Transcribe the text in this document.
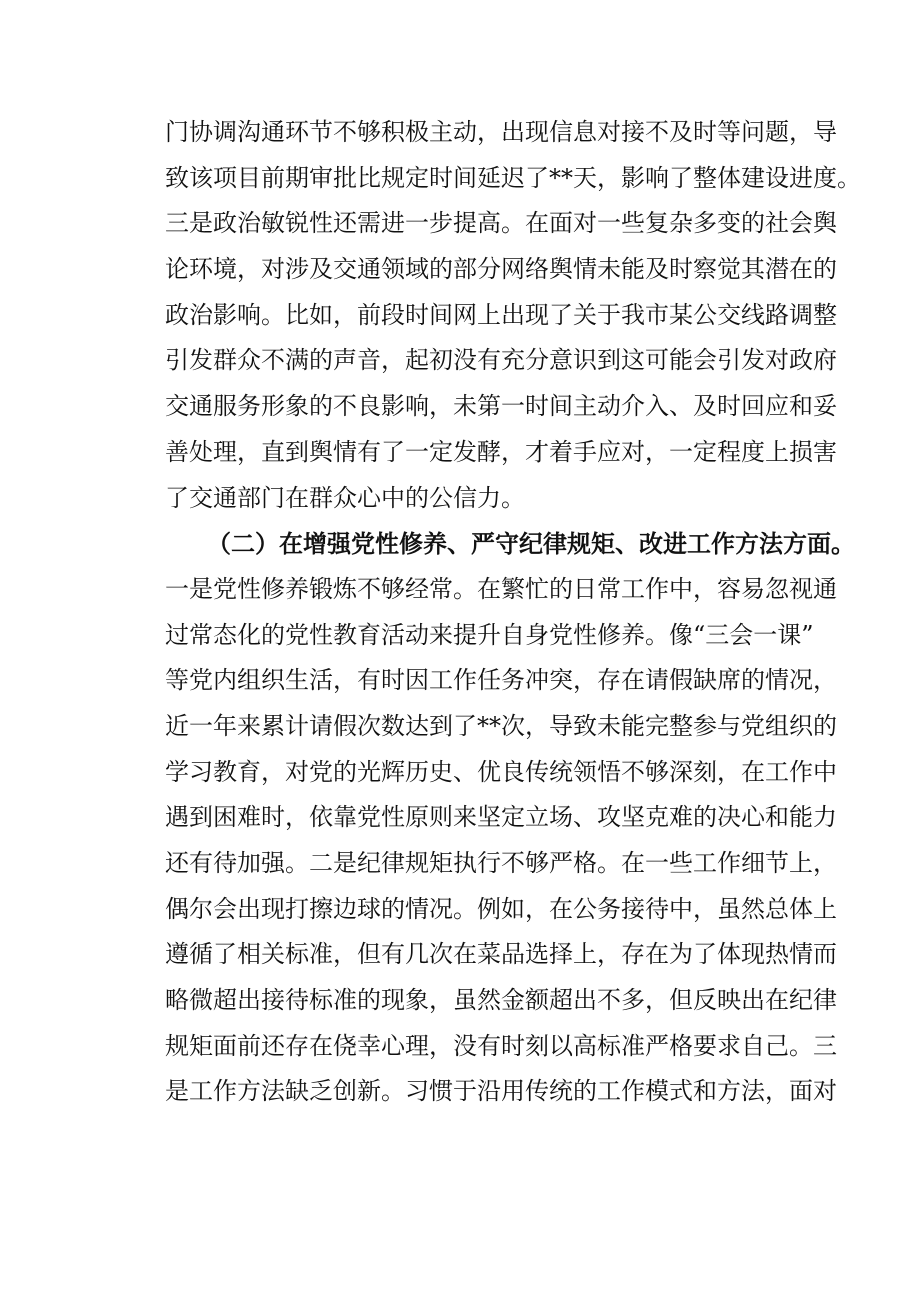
门协调沟通环节不够积极主动，出现信息对接不及时等问题，导
致该项目前期审批比规定时间延迟了**天，影响了整体建设进度。
三是政治敏锐性还需进一步提高。在面对一些复杂多变的社会舆
论环境，对涉及交通领域的部分网络舆情未能及时察觉其潜在的
政治影响。比如，前段时间网上出现了关于我市某公交线路调整
引发群众不满的声音，起初没有充分意识到这可能会引发对政府
交通服务形象的不良影响，未第一时间主动介入、及时回应和妥
善处理，直到舆情有了一定发酵，才着手应对，一定程度上损害
了交通部门在群众心中的公信力。
（二）在增强党性修养、严守纪律规矩、改进工作方法方面。
一是党性修养锻炼不够经常。在繁忙的日常工作中，容易忽视通
过常态化的党性教育活动来提升自身党性修养。像“三会一课”
等党内组织生活，有时因工作任务冲突，存在请假缺席的情况，
近一年来累计请假次数达到了**次，导致未能完整参与党组织的
学习教育，对党的光辉历史、优良传统领悟不够深刻，在工作中
遇到困难时，依靠党性原则来坚定立场、攻坚克难的决心和能力
还有待加强。二是纪律规矩执行不够严格。在一些工作细节上，
偶尔会出现打擦边球的情况。例如，在公务接待中，虽然总体上
遵循了相关标准，但有几次在菜品选择上，存在为了体现热情而
略微超出接待标准的现象，虽然金额超出不多，但反映出在纪律
规矩面前还存在侥幸心理，没有时刻以高标准严格要求自己。三
是工作方法缺乏创新。习惯于沿用传统的工作模式和方法，面对
